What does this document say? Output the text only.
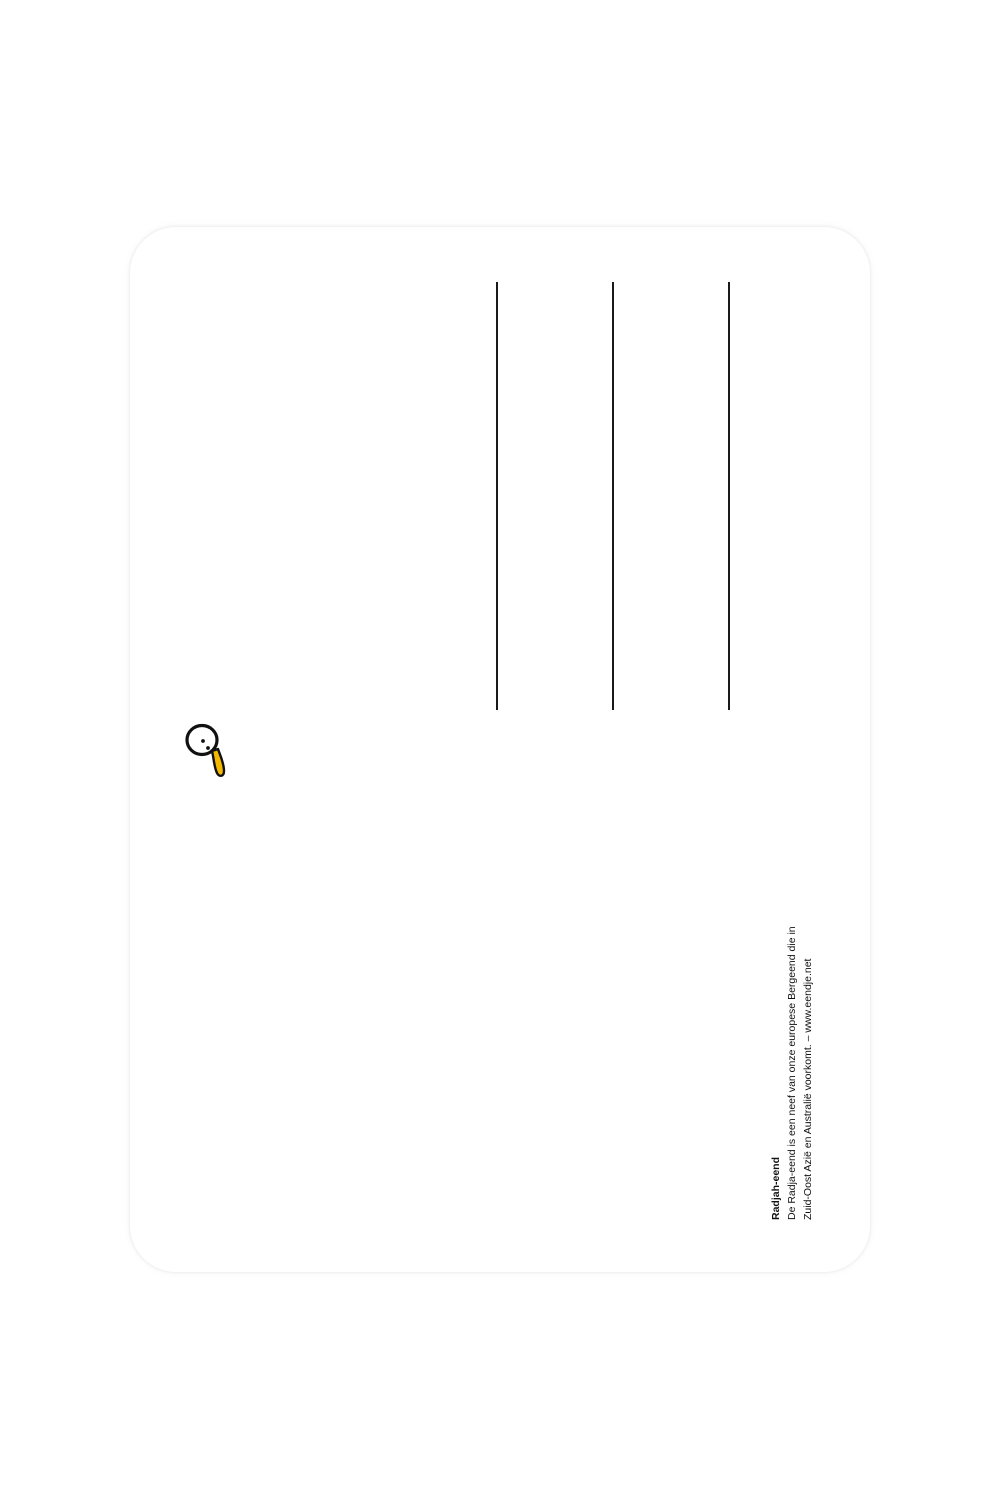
Radjah-eend De Radja-eend is een neef van onze europese Bergeend die in Zuid-Oost Azië en Australië voorkomt. – www.eendje.net
